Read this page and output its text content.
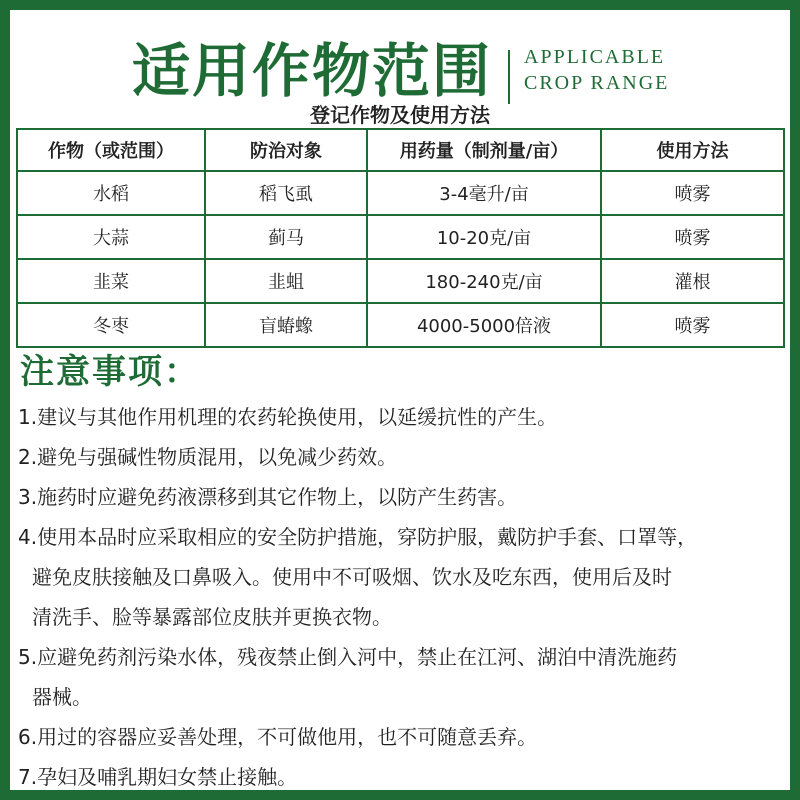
适用作物范围 APPLICABLE
CROP RANGE
登记作物及使用方法
作物（或范围）	防治对象	用药量（制剂量/亩）	使用方法
水稻	稻飞虱	3-4毫升/亩	喷雾
大蒜	蓟马	10-20克/亩	喷雾
韭菜	韭蛆	180-240克/亩	灌根
冬枣	盲蝽蟓	4000-5000倍液	喷雾
注意事项：
1.建议与其他作用机理的农药轮换使用，以延缓抗性的产生。
2.避免与强碱性物质混用，以免减少药效。
3.施药时应避免药液漂移到其它作物上，以防产生药害。
4.使用本品时应采取相应的安全防护措施，穿防护服，戴防护手套、口罩等，
避免皮肤接触及口鼻吸入。使用中不可吸烟、饮水及吃东西，使用后及时
清洗手、脸等暴露部位皮肤并更换衣物。
5.应避免药剂污染水体，残夜禁止倒入河中，禁止在江河、湖泊中清洗施药
器械。
6.用过的容器应妥善处理，不可做他用，也不可随意丢弃。
7.孕妇及哺乳期妇女禁止接触。
